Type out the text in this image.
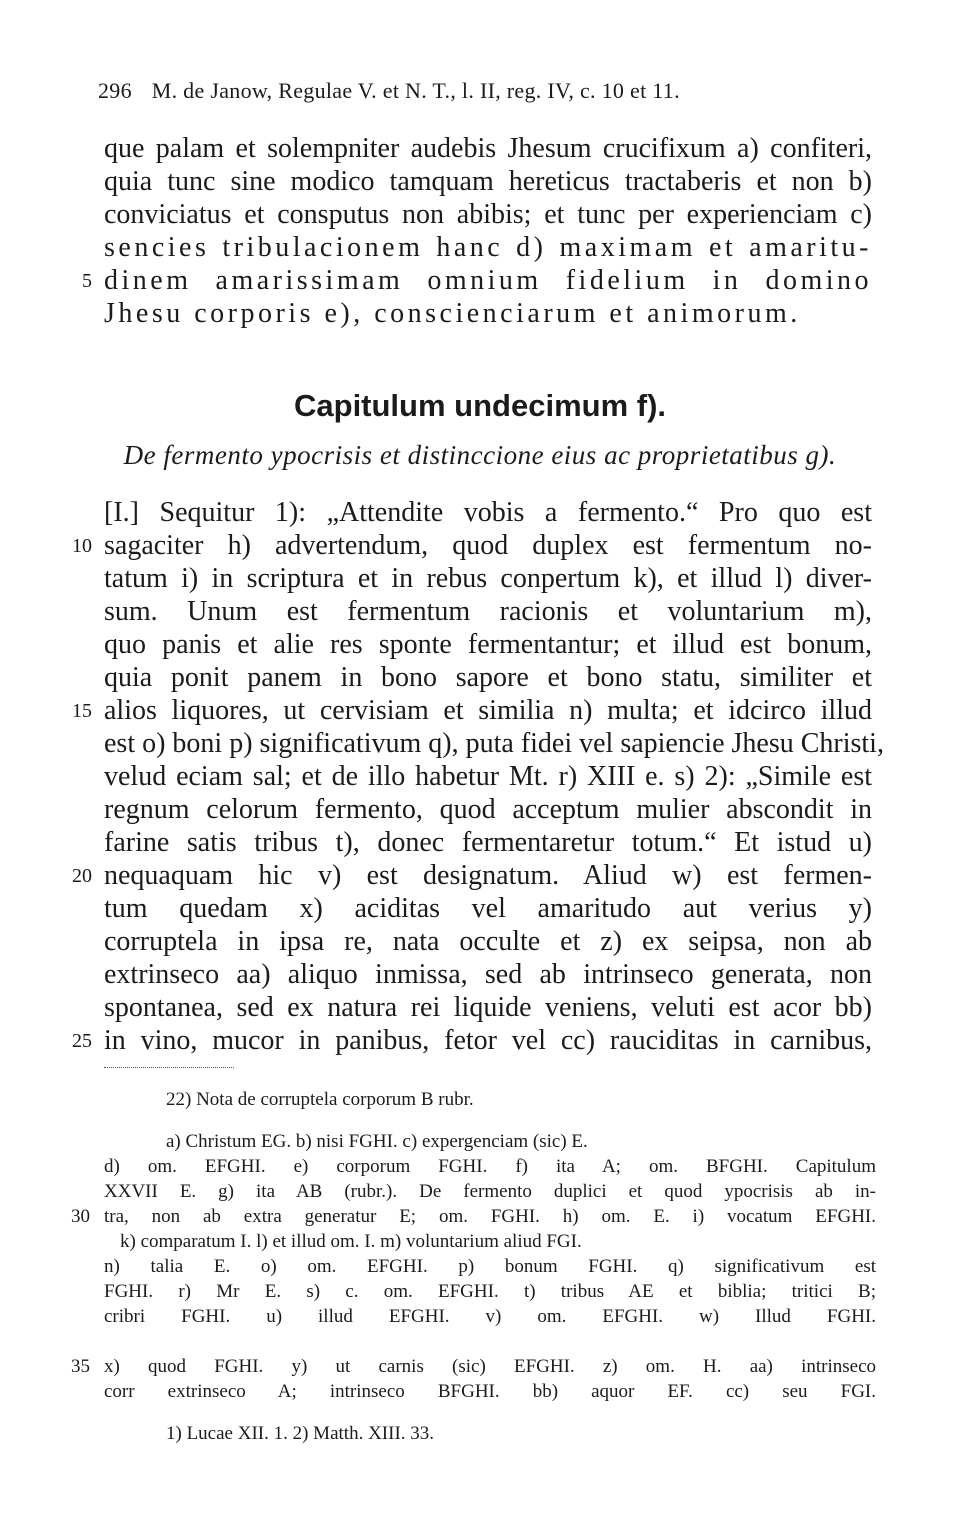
296 M. de Janow, Regulae V. et N. T., l. II, reg. IV, c. 10 et 11.
que palam et solempniter audebis Jhesum crucifixum a) confiteri,
quia tunc sine modico tamquam hereticus tractaberis et non b)
conviciatus et consputus non abibis; et tunc per experienciam c)
sencies tribulacionem hanc d) maximam et amaritu-
dinem amarissimam omnium fidelium in domino
Jhesu corporis e), conscienciarum et animorum.
Capitulum undecimum f).
De fermento ypocrisis et distinccione eius ac proprietatibus g).
[I.] Sequitur 1): „Attendite vobis a fermento.“ Pro quo est
sagaciter h) advertendum, quod duplex est fermentum no-
tatum i) in scriptura et in rebus conpertum k), et illud l) diver-
sum. Unum est fermentum racionis et voluntarium m),
quo panis et alie res sponte fermentantur; et illud est bonum,
quia ponit panem in bono sapore et bono statu, similiter et
alios liquores, ut cervisiam et similia n) multa; et idcirco illud
est o) boni p) significativum q), puta fidei vel sapiencie Jhesu Christi,
velud eciam sal; et de illo habetur Mt. r) XIII e. s) 2): „Simile est
regnum celorum fermento, quod acceptum mulier abscondit in
farine satis tribus t), donec fermentaretur totum.“ Et istud u)
nequaquam hic v) est designatum. Aliud w) est fermen-
tum quedam x) aciditas vel amaritudo aut verius y)
corruptela in ipsa re, nata occulte et z) ex seipsa, non ab
extrinseco aa) aliquo inmissa, sed ab intrinseco generata, non
spontanea, sed ex natura rei liquide veniens, veluti est acor bb)
in vino, mucor in panibus, fetor vel cc) rauciditas in carnibus,
5
10
15
20
25
30
35
22) Nota de corruptela corporum B rubr.
a) Christum EG. b) nisi FGHI. c) expergenciam (sic) E.
d) om. EFGHI. e) corporum FGHI. f) ita A; om. BFGHI. Capitulum
XXVII E. g) ita AB (rubr.). De fermento duplici et quod ypocrisis ab in-
tra, non ab extra generatur E; om. FGHI. h) om. E. i) vocatum EFGHI.
k) comparatum I. l) et illud om. I. m) voluntarium aliud FGI.
n) talia E. o) om. EFGHI. p) bonum FGHI. q) significativum est
FGHI. r) Mr E. s) c. om. EFGHI. t) tribus AE et biblia; tritici B;
cribri FGHI. u) illud EFGHI. v) om. EFGHI. w) Illud FGHI.
x) quod FGHI. y) ut carnis (sic) EFGHI. z) om. H. aa) intrinseco
corr extrinseco A; intrinseco BFGHI. bb) aquor EF. cc) seu FGI.
1) Lucae XII. 1. 2) Matth. XIII. 33.
